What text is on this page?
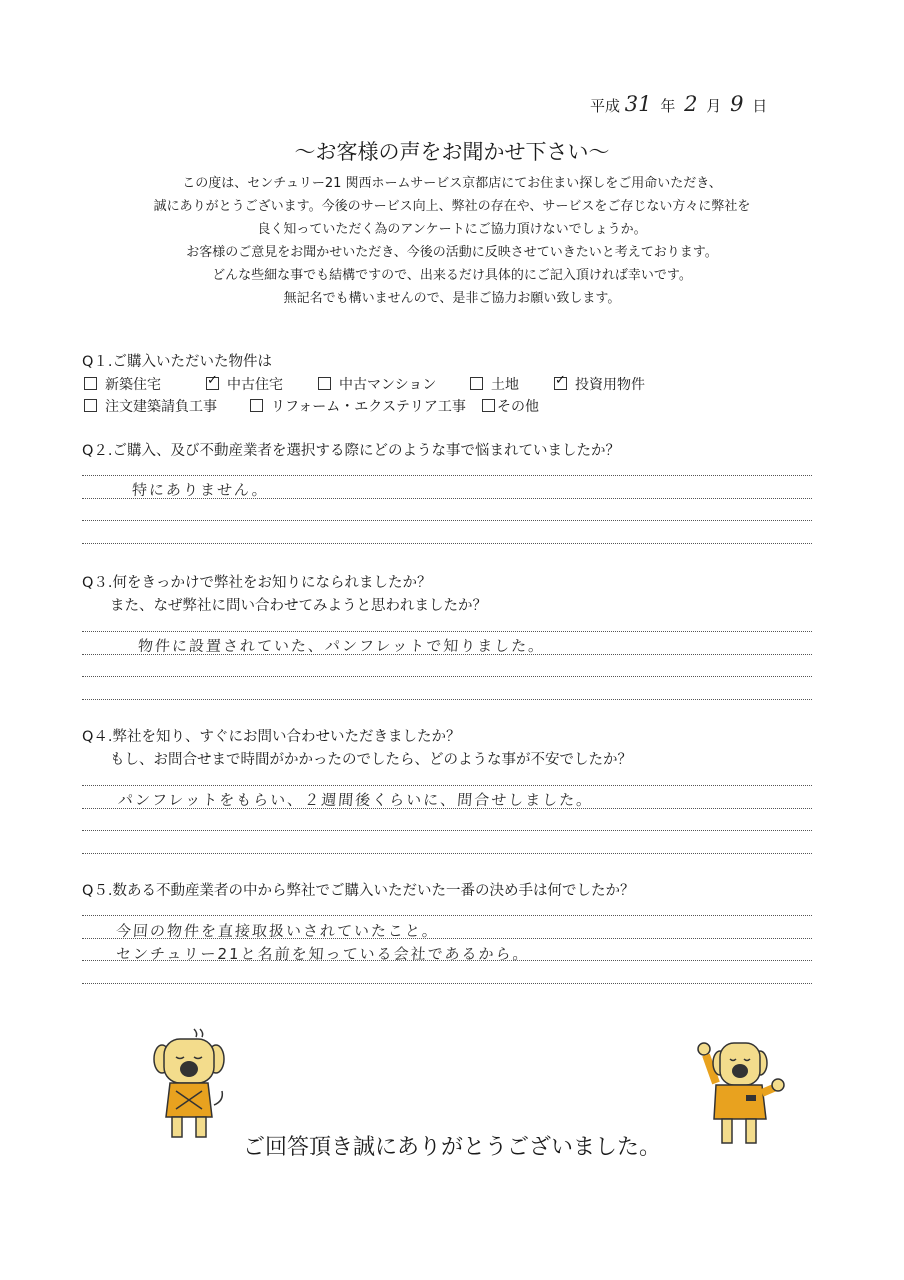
平成 31 年 2 月 9 日
〜お客様の声をお聞かせ下さい〜
この度は、センチュリー21 関西ホームサービス京都店にてお住まい探しをご用命いただき、
誠にありがとうございます。今後のサービス向上、弊社の存在や、サービスをご存じない方々に弊社を
良く知っていただく為のアンケートにご協力頂けないでしょうか。
お客様のご意見をお聞かせいただき、今後の活動に反映させていきたいと考えております。
どんな些細な事でも結構ですので、出来るだけ具体的にご記入頂ければ幸いです。
無記名でも構いませんので、是非ご協力お願い致します。
Q１.ご購入いただいた物件は
新築住宅 ✓	中古住宅	中古マンション	土地 ✓	投資用物件
注文建築請負工事	リフォーム・エクステリア工事	その他
Q２.ご購入、及び不動産業者を選択する際にどのような事で悩まれていましたか？
特にありません。
Q３.何をきっかけで弊社をお知りになられましたか？
また、なぜ弊社に問い合わせてみようと思われましたか？
物件に設置されていた、パンフレットで知りました。
Q４.弊社を知り、すぐにお問い合わせいただきましたか？
もし、お問合せまで時間がかかったのでしたら、どのような事が不安でしたか？
パンフレットをもらい、２週間後くらいに、問合せしました。
Q５.数ある不動産業者の中から弊社でご購入いただいた一番の決め手は何でしたか？
今回の物件を直接取扱いされていたこと。
センチュリー21と名前を知っている会社であるから。
ご回答頂き誠にありがとうございました。
